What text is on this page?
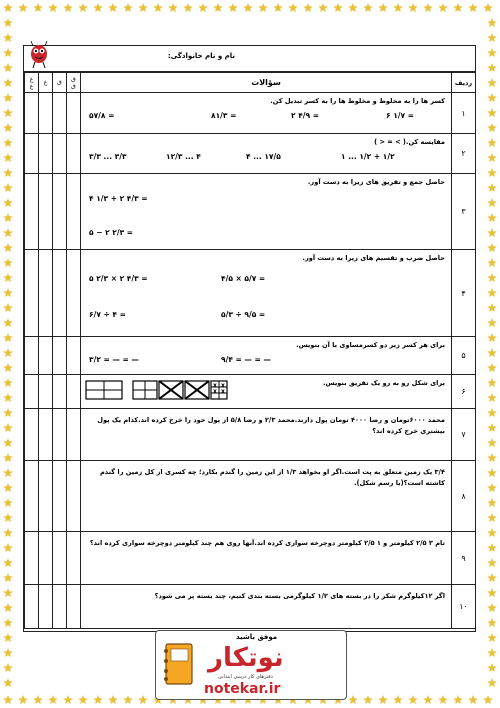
نام و نام خانوادگی:
غ
غ	غ	ق	ق
ق	سؤالات	ردیف

				کسر ها را به مخلوط و مخلوط ها را به کسر تبدیل کن.
۵۷/۸ = ۸۱/۳ = ۲ ۴/۹ = ۶ ۱/۷ =	۱

				مقایسه کن.( > = < )
۳/۳ ... ۳/۳ ۱۲/۳ ... ۴ ۴ ... ۱۷/۵ ۱ ... ۱/۲ + ۱/۲	۲

				حاصل جمع و تفریق های زیرا به دست آور.
۴ ۱/۳ + ۲ ۴/۳ =
۵ − ۲ ۲/۳ =	۳

				حاصل ضرب و تقسیم های زیرا به دست آور.
۵ ۲/۳ × ۲ ۴/۳ = ۴/۵ × ۵/۷ =
۶/۷ ÷ ۴ = ۵/۳ ÷ ۹/۵ =	۴

				برای هر کسر زیر دو کسرمساوی با آن بنویس.
۳/۲ = — = — ۹/۴ = — = —	۵

				برای شکل رو به رو یک تفریق بنویس.
x x
x x	۶

				محمد ۶۰۰۰تومان و رضا ۴۰۰۰ تومان پول دارند.محمد ۲/۳ و رضا ۵/۸ از پول خود را خرج کرده اند.کدام یک پول بیشتری خرج کرده اند؟	۷

				۳/۴ یک زمین متعلق به پت است.اگر او بخواهد ۱/۳ از این زمین را گندم بکارد؛ چه کسری از کل زمین را گندم کاشته است؟(با رسم شکل).	۸

				تام ۳ ۲/۵ کیلومتر و ۱ ۲/۵ کیلومتر دوچرخه سواری کرده اند.آنها روی هم چند کیلومتر دوچرخه سواری کرده اند؟	۹

				اگر ۱۲کیلوگرم شکر را در بسته های ۱/۲ کیلوگرمی بسته بندی کنیم، چند بسته پر می شود؟	۱۰
موفق باشید
نوتکار
دفترهای کار درسی ابتدایی
notekar.ir
